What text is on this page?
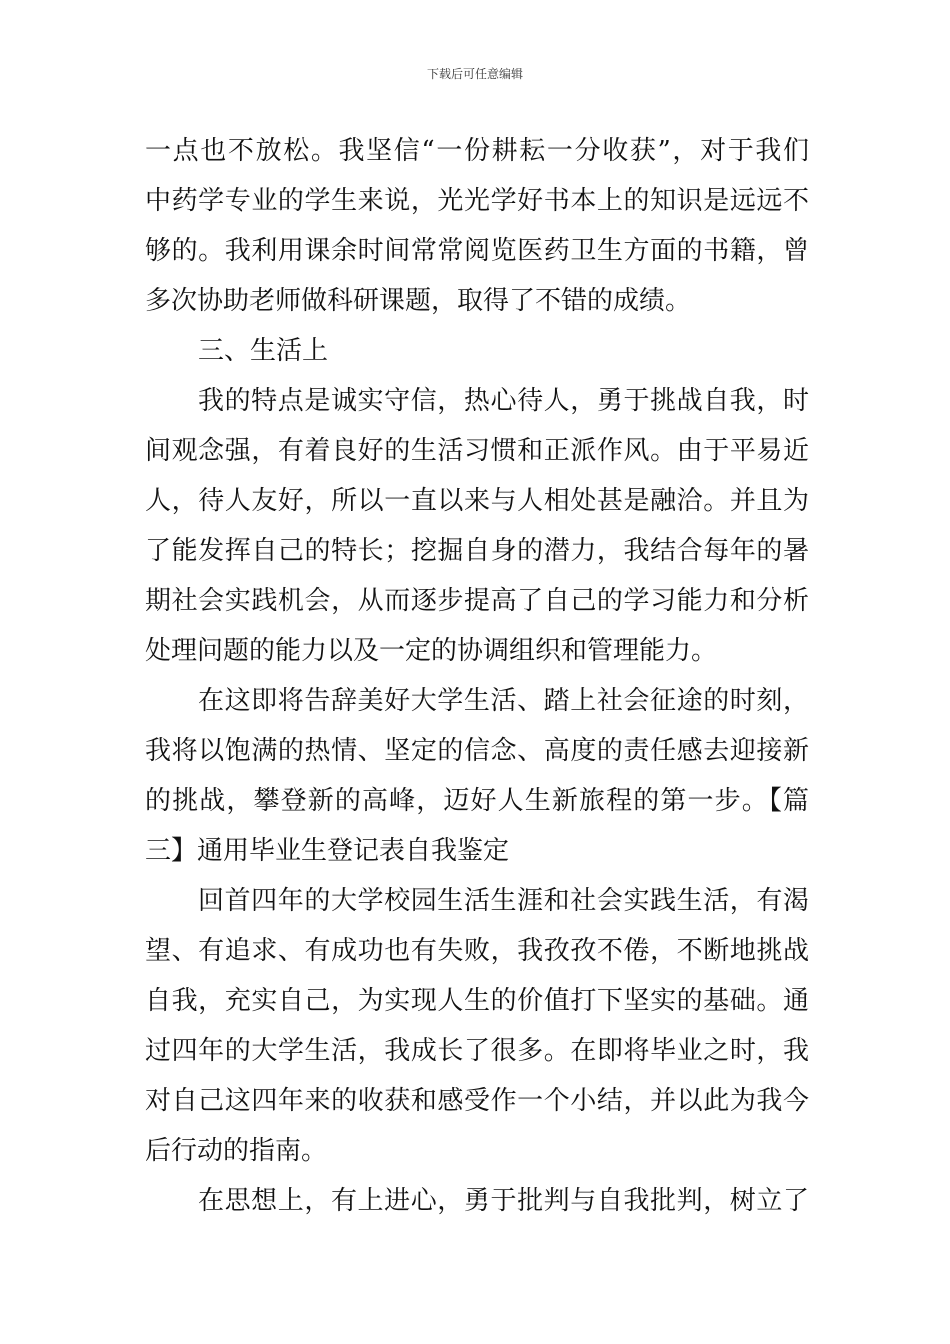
下载后可任意编辑
一点也不放松。我坚信“一份耕耘一分收获”，对于我们
中药学专业的学生来说，光光学好书本上的知识是远远不
够的。我利用课余时间常常阅览医药卫生方面的书籍，曾
多次协助老师做科研课题，取得了不错的成绩。
三、生活上
我的特点是诚实守信，热心待人，勇于挑战自我，时
间观念强，有着良好的生活习惯和正派作风。由于平易近
人，待人友好，所以一直以来与人相处甚是融洽。并且为
了能发挥自己的特长；挖掘自身的潜力，我结合每年的暑
期社会实践机会，从而逐步提高了自己的学习能力和分析
处理问题的能力以及一定的协调组织和管理能力。
在这即将告辞美好大学生活、踏上社会征途的时刻，
我将以饱满的热情、坚定的信念、高度的责任感去迎接新
的挑战，攀登新的高峰，迈好人生新旅程的第一步。【篇
三】通用毕业生登记表自我鉴定
回首四年的大学校园生活生涯和社会实践生活，有渴
望、有追求、有成功也有失败，我孜孜不倦，不断地挑战
自我，充实自己，为实现人生的价值打下坚实的基础。通
过四年的大学生活，我成长了很多。在即将毕业之时，我
对自己这四年来的收获和感受作一个小结，并以此为我今
后行动的指南。
在思想上，有上进心，勇于批判与自我批判，树立了
